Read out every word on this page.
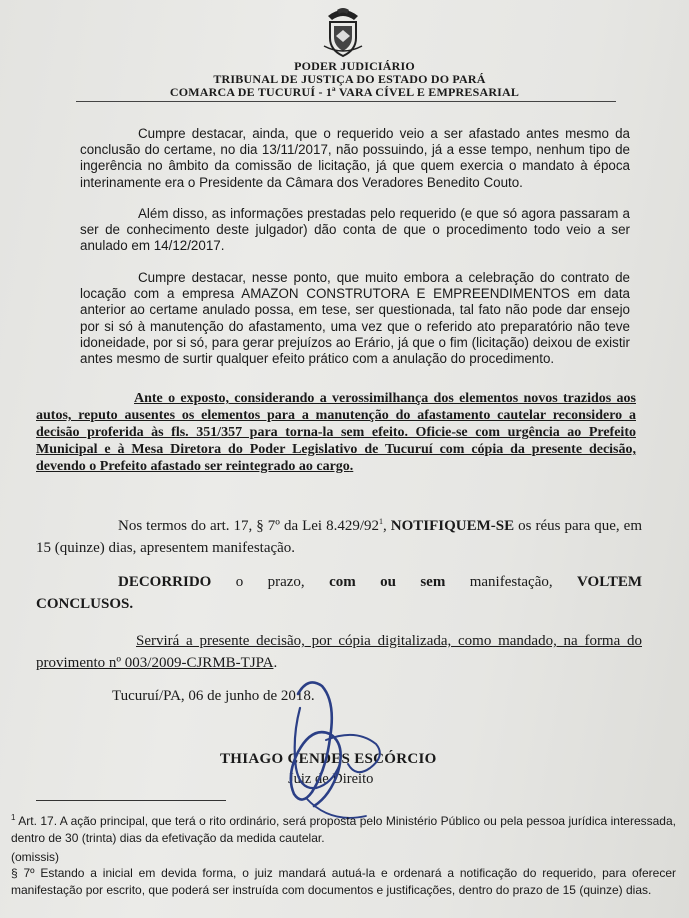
PODER JUDICIÁRIO
TRIBUNAL DE JUSTIÇA DO ESTADO DO PARÁ
COMARCA DE TUCURUÍ - 1ª VARA CÍVEL E EMPRESARIAL
Cumpre destacar, ainda, que o requerido veio a ser afastado antes mesmo da conclusão do certame, no dia 13/11/2017, não possuindo, já a esse tempo, nenhum tipo de ingerência no âmbito da comissão de licitação, já que quem exercia o mandato à época interinamente era o Presidente da Câmara dos Veradores Benedito Couto.
Além disso, as informações prestadas pelo requerido (e que só agora passaram a ser de conhecimento deste julgador) dão conta de que o procedimento todo veio a ser anulado em 14/12/2017.
Cumpre destacar, nesse ponto, que muito embora a celebração do contrato de locação com a empresa AMAZON CONSTRUTORA E EMPREENDIMENTOS em data anterior ao certame anulado possa, em tese, ser questionada, tal fato não pode dar ensejo por si só à manutenção do afastamento, uma vez que o referido ato preparatório não teve idoneidade, por si só, para gerar prejuízos ao Erário, já que o fim (licitação) deixou de existir antes mesmo de surtir qualquer efeito prático com a anulação do procedimento.
Ante o exposto, considerando a verossimilhança dos elementos novos trazidos aos autos, reputo ausentes os elementos para a manutenção do afastamento cautelar reconsidero a decisão proferida às fls. 351/357 para torna-la sem efeito. Oficie-se com urgência ao Prefeito Municipal e à Mesa Diretora do Poder Legislativo de Tucuruí com cópia da presente decisão, devendo o Prefeito afastado ser reintegrado ao cargo.
Nos termos do art. 17, § 7º da Lei $8.429/92^1$, NOTIFIQUEM-SE os réus para que, em 15 (quinze) dias, apresentem manifestação.
DECORRIDO o prazo, com ou sem manifestação, VOLTEM CONCLUSOS.
Servirá a presente decisão, por cópia digitalizada, como mandado, na forma do provimento nº 003/2009-CJRMB-TJPA.
Tucuruí/PA, 06 de junho de 2018.
THIAGO CENDES ESCÓRCIO
Juiz de Direito
$^1$ Art. 17. A ação principal, que terá o rito ordinário, será proposta pelo Ministério Público ou pela pessoa jurídica interessada, dentro de 30 (trinta) dias da efetivação da medida cautelar.
(omissis)
§ 7º Estando a inicial em devida forma, o juiz mandará autuá-la e ordenará a notificação do requerido, para oferecer manifestação por escrito, que poderá ser instruída com documentos e justificações, dentro do prazo de 15 (quinze) dias.
